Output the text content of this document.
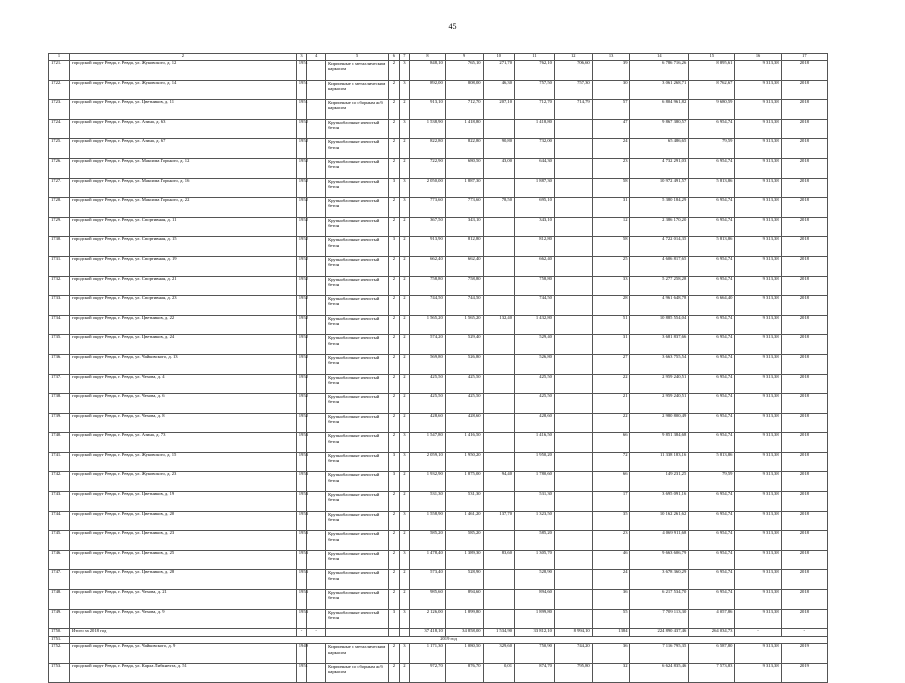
45
1	2	3	4	5	6	7	8	9	10	11	12	13	14	15	16	17
1721.	городской округ Ревда, г. Ревда, ул. Жуковского, д. 12	1951		Кирпичные с металлическим каркасом	2	3	848,10	765,10	271,70	762,10	706,60	39	6 786 716,26	8 895,61	9 313,38	2018
1722.	городской округ Ревда, г. Ревда, ул. Жуковского, д. 14	1951		Кирпичные с металлическим каркасом	2	3	892,00	808,00	46,30	757,50	757,30	30	3 061 268,71	8 762,67	9 313,38	2018
1723.	городской округ Ревда, г. Ревда, ул. Цветников, д. 11	1951		Кирпичные со сборным ж/б каркасом	2	2	913,10	712,70	207,10	712,70	714,79	57	6 804 961,82	9 680,59	9 313,38	2018
1724.	городской округ Ревда, г. Ревда, ул. Азина, д. 63	1952		Крупноблочные ячеистый бетон	2	3	1 538,90	1 418,80		1 418,80		47	9 867 380,57	6 954,74	9 313,38	2018
1725.	городской округ Ревда, г. Ревда, ул. Азина, д. 67	1952		Крупноблочные ячеистый бетон	2	2	822,80	822,80	90,80	732,00		24	65 486,65	79,59	9 313,38	2018
1726.	городской округ Ревда, г. Ревда, ул. Максима Горького, д. 12	1952		Крупноблочные ячеистый бетон	2	2	722,90	680,50	43,00	644,30		23	4 732 291,03	6 954,74	9 313,38	2018
1727.	городской округ Ревда, г. Ревда, ул. Максима Горького, д. 16	1952		Крупноблочные ячеистый бетон	3	3	2 050,00	1 887,30		1 887,30		58	10 972 491,57	5 813,86	9 313,38	2018
1728.	городской округ Ревда, г. Ревда, ул. Максима Горького, д. 22	1952		Крупноблочные ячеистый бетон	2	3	773,60	773,60	78,50	695,10		31	5 380 184,29	6 954,74	9 313,38	2018
1729.	городской округ Ревда, г. Ревда, ул. Спортивная, д. 11	1952		Крупноблочные ячеистый бетон	2	2	367,50	343,10		343,10		12	2 386 170,20	6 954,74	9 313,38	2018
1730.	городской округ Ревда, г. Ревда, ул. Спортивная, д. 15	1952		Крупноблочные ячеистый бетон	3	2	913,90	812,80		812,80		58	4 722 014,35	5 813,86	9 313,38	2018
1731.	городской округ Ревда, г. Ревда, ул. Спортивная, д. 19	1952		Крупноблочные ячеистый бетон	2	2	662,40	662,40		662,40		25	4 606 817,65	6 954,74	9 313,38	2018
1732.	городской округ Ревда, г. Ревда, ул. Спортивная, д. 21	1952		Крупноблочные ячеистый бетон	2	2	758,80	758,80		758,80		33	5 277 258,28	6 954,74	9 313,38	2018
1733.	городской округ Ревда, г. Ревда, ул. Спортивная, д. 23	1952		Крупноблочные ячеистый бетон	2	2	744,50	744,50		744,50		28	4 961 648,78	6 664,40	9 313,38	2018
1734.	городской округ Ревда, г. Ревда, ул. Цветников, д. 22	1952		Крупноблочные ячеистый бетон	2	2	1 565,20	1 565,20	132,40	1 432,80		51	10 885 554,04	6 954,74	9 313,38	2018
1735.	городской округ Ревда, г. Ревда, ул. Цветников, д. 24	1952		Крупноблочные ячеистый бетон	2	2	574,20	529,40		529,40		31	3 681 837,66	6 954,74	9 313,38	2018
1736.	городской округ Ревда, г. Ревда, ул. Чайковского, д. 13	1952		Крупноблочные ячеистый бетон	2	2	569,80	526,80		526,80		27	3 663 755,54	6 954,74	9 313,38	2018
1737.	городской округ Ревда, г. Ревда, ул. Чехова, д. 4	1952		Крупноблочные ячеистый бетон	2	2	425,50	425,50		425,50		22	2 959 240,51	6 954,74	9 313,38	2018
1738.	городской округ Ревда, г. Ревда, ул. Чехова, д. 6	1952		Крупноблочные ячеистый бетон	2	2	425,50	425,50		425,50		21	2 959 240,51	6 954,74	9 313,38	2018
1739.	городской округ Ревда, г. Ревда, ул. Чехова, д. 8	1952		Крупноблочные ячеистый бетон	2	2	428,60	428,60		428,60		22	2 980 800,49	6 954,74	9 313,38	2018
1740.	городской округ Ревда, г. Ревда, ул. Азина, д. 73	1953		Крупноблочные ячеистый бетон	2	3	1 547,80	1 416,50		1 416,50		66	9 851 384,68	6 954,74	9 313,38	2018
1741.	городской округ Ревда, г. Ревда, ул. Жуковского, д. 15	1953		Крупноблочные ячеистый бетон	3	3	2 059,10	1 950,20		1 950,20		72	11 338 183,16	5 813,86	9 313,38	2018
1742.	городской округ Ревда, г. Ревда, ул. Жуковского, д. 23	1953		Крупноблочные ячеистый бетон	3	2	1 932,90	1 875,00	94,40	1 780,60		66	149 231,25	79,59	9 313,38	2018
1743.	городской округ Ревда, г. Ревда, ул. Цветников, д. 19	1953		Крупноблочные ячеистый бетон	2	2	531,30	531,30		531,30		17	3 695 091,16	6 954,74	9 313,38	2018
1744.	городской округ Ревда, г. Ревда, ул. Цветников, д. 20	1953		Крупноблочные ячеистый бетон	2	3	1 558,90	1 461,20	137,70	1 323,50		35	10 162 261,62	6 954,74	9 313,38	2018
1745.	городской округ Ревда, г. Ревда, ул. Цветников, д. 23	1953		Крупноблочные ячеистый бетон	2	2	585,20	585,20		585,20		23	4 069 911,68	6 954,74	9 313,38	2018
1746.	городской округ Ревда, г. Ревда, ул. Цветников, д. 25	1953		Крупноблочные ячеистый бетон	2	3	1 478,40	1 389,30	83,60	1 305,70		46	9 663 606,79	6 954,74	9 313,38	2018
1747.	городской округ Ревда, г. Ревда, ул. Цветников, д. 28	1953		Крупноблочные ячеистый бетон	2	2	573,40	528,90		528,90		24	3 678 360,29	6 954,74	9 313,38	2018
1748.	городской округ Ревда, г. Ревда, ул. Чехова, д. 21	1953		Крупноблочные ячеистый бетон	2	2	985,60	894,60		894,60		36	6 217 534,70	6 954,74	9 313,38	2018
1749.	городской округ Ревда, г. Ревда, ул. Чехова, д. 9	1953		Крупноблочные ячеистый бетон	3	3	2 126,00	1 899,80		1 899,80		55	7 709 113,30	4 057,86	9 313,38	2018
1750.	Итого за 2018 год	-	-				37 418,10	34 858,00	1 534,90	33 812,10	8 994,10	1384	224 890 437,46	264 034,73	-	-
1751.	2019 год															
1752.	городской округ Ревда, г. Ревда, ул. Чайковского, д. 9	1949		Кирпичные с металлическим каркасом	2	3	1 171,30	1 080,50	329,60	750,90	744,20	36	7 116 795,35	6 587,80	9 313,38	2019
1753.	городской округ Ревда, г. Ревда, ул. Карла Либкнехта, д. 51	1951		Кирпичные со сборным ж/б каркасом	2	2	972,70	876,70	0,01	874,70	795,80	32	6 624 835,46	7 573,83	9 313,38	2019
